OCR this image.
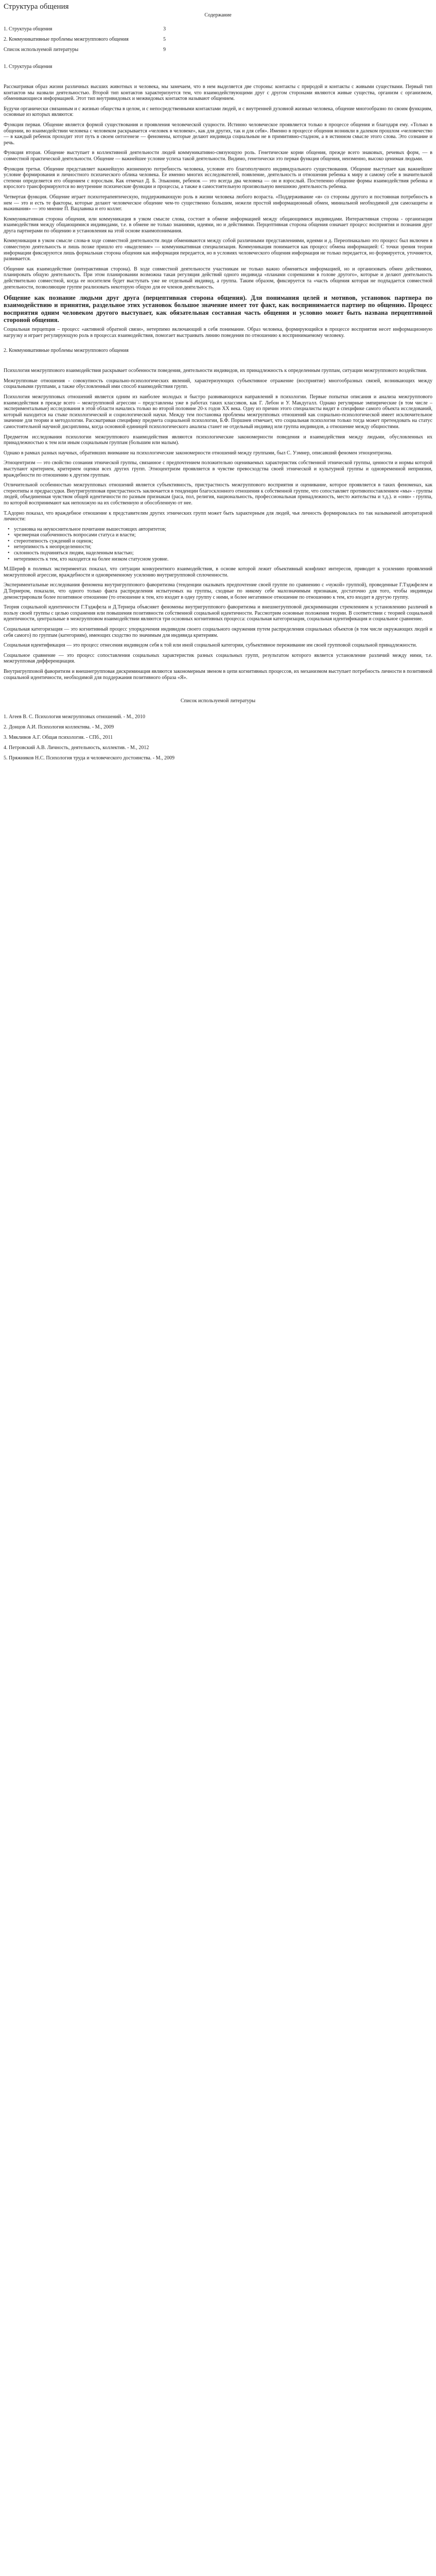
Структура общения
Содержание
1. Структура общения	3
2. Коммуникативные проблемы межгруппового общения	5
Список используемой литературы	9
1. Структура общения

Рассматривая образ жизни различных высших животных и человека, мы замечаем, что в нем выделяется две стороны: контакты с природой и контакты с живыми существами. Первый тип контактов мы назвали деятельностью. Второй тип контактов характеризуется тем, что взаимодействующими друг с другом сторонами являются живые существа, организм с организмом, обменивающиеся информацией. Этот тип внутривидовых и межвидовых контактов называют общением.

Будучи органически связанным и с жизнью общества в целом, и с непосредственными контактами людей, и с внутренней духовной жизнью человека, общение многообразно по своим функциям, основные из которых являются:

Функция первая. Общение является формой существования и проявления человеческой сущности. Истинно человеческое проявляется только в процессе общения и благодаря ему. «Только в общении, во взаимодействии человека с человеком раскрывается «человек в человеке», как для других, так и для себя». Именно в процессе общения возникли в далеком прошлом «человечество — в каждый ребенок проходит этот путь в своем онтогенезе — феномены, которые делают индивида социальным не в примитивно-стадном, а в истинном смысле этого слова. Это сознание и речь.

Функция вторая. Общение выступает в коллективной деятельности людей коммуникативно-связующую роль. Генетические корни общения, прежде всего знаковых, речевых форм, — в совместной практической деятельности. Общение — важнейшее условие успеха такой деятельности. Видимо, генетически это первая функция общения, неизменно, высоко ценимая людьми.

Функция третья. Общение представляет важнейшую жизненную потребность человека, условие его благополучного индивидуального существования. Общение выступает как важнейшее условие формирования и личностного психического облика человека. Ее именно многих исследователей, появление, деятельность и отношения ребенка к миру и самому себе в значительной степени определяется его общением с взрослым. Как отмечал Д. Б. Эльконин, ребенок — это всегда два человека — он и взрослый. Постепенно общение формы взаимодействия ребенка и взрослого трансформируются во внутренние психические функции и процессы, а также в самостоятельную произвольную внешнюю деятельность ребенка.

Четвертая функция. Общение играет психотерапевтическую, поддерживающую роль в жизни человека любого возраста. «Поддерживание «я» со стороны другого и постоянная потребность в нем — это и есть те факторы, которые делают человеческое общение чем-то существенно большим, нежели простой информационный обмен, миниальной необходимой для самозащиты и выживания» — это мнение П. Вацлавика и его коллег.

Коммуникативная сторона общения, или коммуникация в узком смысле слова, состоит в обмене информацией между общающимися индивидами. Интерактивная сторона - организация взаимодействия между общающимися индивидами, т.е. в обмене не только знаниями, идеями, но и действиями. Перцептивная сторона общения означает процесс восприятия и познания друг друга партнерами по общению и установления на этой основе взаимопонимания.

Коммуникация в узком смысле слова-в ходе совместной деятельности люди обмениваются между собой различными представлениями, идеями и д. Переопнакально это процесс был включен в совместную деятельность и лишь позже пришло его «выделение» — коммуникативная специализация. Коммуникация понимается как процесс обмена информацией: С точки зрения теории информации фиксируются лишь формальная сторона общения как информация передается, но в условиях человеческого общения информация не только передается, но формируется, уточняется, развивается.

Общение как взаимодействие (интерактивная сторона). В ходе совместной деятельности участникам не только важно обменяться информацией, но и организовать обмен действиями, планировать общую деятельность. При этом планировании возможна такая регуляция действий одного индивида «планами созревшими в голове другого», которые и делают деятельность действительно совместной, когда ее носителем будет выступать уже не отдельный индивид, а группа. Таким образом, фиксируется та «часть общения которая не подпадается совместной деятельности, позволяющие группе реализовать некоторую общую для ее членов деятельность.

Общение как познание людьми друг друга (перцептивная сторона общения). Для понимания целей и мотивов, установок партнера по взаимодействию и принятия, раздельное этих установок большое значение имеет тот факт, как воспринимается партнер по общению. Процесс восприятия одним человеком другого выступает, как обязательная составная часть общения и условно может быть названа перцептивной стороной общения.

Социальная перцепция – процесс «активной обратной связи», нетерпимо включающий в себя понимание. Образ человека, формирующийся в процессе восприятия несет информационную нагрузку и играет регулирующую роль в процессах взаимодействия, помогает выстраивать линию поведения по отношению к воспринимаемому человеку.

2. Коммуникативные проблемы межгруппового общения

Психология межгруппового взаимодействия раскрывает особенности поведения, деятельности индивидов, их принадлежность к определенным группам, ситуации межгруппового воздействия.

Межгрупповые отношения - совокупность социально-психологических явлений, характеризующих субъективное отражение (восприятие) многообразных связей, возникающих между социальными группами, а также обусловленный ими способ взаимодействия групп.

Психология межгрупповых отношений является одним из наиболее молодых и быстро развивающихся направлений в психологии. Первые попытки описания и анализа межгруппового взаимодействия в прежде всего – межгрупповой агрессии – представлены уже в работах таких классиков, как Г. Лебон и У. Макдугалл. Однако регулярные эмпирические (в том числе – экспериментальные) исследования в этой области начались только во второй половине 20-х годов ХХ века. Одну из причин этого специалисты видят в специфике самого объекта исследований, который находится на стыке психологической и социологической науки. Между тем постановка проблемы межгрупповых отношений как социально-психологической имеет исключительное значение для теории и методологии. Рассматривая специфику предмета социальной психологии, Б.Ф. Поршнев отмечает, что социальная психология только тогда может претендовать на статус самостоятельной научной дисциплины, когда основной единицей психологического анализа станет не отдельный индивид или группа индивидов, а отношение между общностями.

Предметом исследования психологии межгруппового взаимодействия являются психологические закономерности поведения и взаимодействия между людьми, обусловленных их принадлежностью к тем или иным социальным группам (большим или малым).

Однако в рамках разных научных, обративших внимание на психологические закономерности отношений между группами, был С. Уэмнер, описавший феномен этноцентризма.

Этноцентризм — это свойство сознания этнической группы, связанное с предпочтением положительно оцениваемых характеристик собственной этнической группы, ценности и нормы которой выступают критерием, критерием оценки всех других групп. Этноцентризм проявляется в чувстве превосходства своей этнической и культурной группы и одновременной неприязни, враждебности по отношению к другим группам.

Отличительной особенностью межгрупповых отношений является субъективность, пристрастность межгруппового восприятия и оценивание, которое проявляется в таких феноменах, как стереотипы и предрассудки. Внутригрупповая пристрастность заключается в тенденции благосклонного отношения к собственной группе, что сопоставляет противопоставлением «мы» - группы людей, объединенная чувством общей идентичности по разным признакам (раса, пол, религия, национальность, профессиональная принадлежность, место жительства и т.д.). и «они» - группа, по которой воспринимают как непохожую на их собственную и обособленную от нее.

Т.Адорно показал, что враждебное отношение к представителям других этнических групп может быть характерным для людей, чья личность формировалась по так называемой авторитарной личности:

• установка на неукоснительное почитание вышестоящих авторитетов;
• чрезмерная озабоченность вопросами статуса и власти;
• стереотипность суждений и оценок;
• нетерпимость к неопределенности;
• склонность подчиняться людям, наделенным властью;
• нетерпимость к тем, кто находится на более низком статусном уровне.

М.Шериф в полевых экспериментах показал, что ситуации конкурентного взаимодействия, в основе которой лежит объективный конфликт интересов, приводит к усилению проявлений межгрупповой агрессии, враждебности и одновременному усилению внутригрупповой сплоченности.

Экспериментальные исследования феномена внутригруппового фаворитизма (тенденции оказывать предпочтение своей группе по сравнению с «чужой» группой), проведенные Г.Тэджфелем и Д.Тернером, показали, что одного только факта распределения испытуемых на группы, сходные по никому себе малозначимым признакам, достаточно для того, чтобы индивиды демонстрировали более позитивное отношение (то отношение к тем, кто входит в одну группу с ними, и более негативное отношение по отношению к тем, кто входит в другую группу.

Теория социальной идентичности Г.Тэджфела и Д.Тернера объясняет феномены внутригруппового фаворитизма и внешнегрупповой дискриминации стремлением к установлению различий в пользу своей группы с целью сохранения или повышения позитивности собственной социальной идентичности. Рассмотрим основные положения теории. В соответствии с теорией социальной идентичности, центральные в межгрупповом взаимодействии являются три основных когнитивных процесса: социальная категоризация, социальная идентификация и социальное сравнение.

Социальная категоризация — это когнитивный процесс упорядочения индивидом своего социального окружения путем распределения социальных объектов (в том числе окружающих людей и себя самого) по группам (категориям), имеющих сходство по значимым для индивида критериям.

Социальная идентификация — это процесс отнесения индивидом себя к той или иной социальной категории, субъективное переживание им своей групповой социальной принадлежности.

Социальное сравнение — это процесс сопоставления социальных характеристик разных социальных групп, результатом которого является установление различий между ними, т.е. межгрупповая дифференциация.

Внутригрупповой фаворитизм и внешнегрупповая дискриминация являются закономерным звеном в цепи когнитивных процессов, их механизмом выступает потребность личности в позитивной социальной идентичности, необходимой для поддержания позитивного образа «Я».

Список используемой литературы
1. Агеев В. С. Психология межгрупповых отношений. - М., 2010
2. Донцов А.И. Психология коллектива. - М., 2009
3. Мякливов А.Г. Общая психология. - СПб., 2011
4. Петровский А.В. Личность, деятельность, коллектив. - М., 2012
5. Пряжников Н.С. Психология труда и человеческого достоинства. - М., 2009
